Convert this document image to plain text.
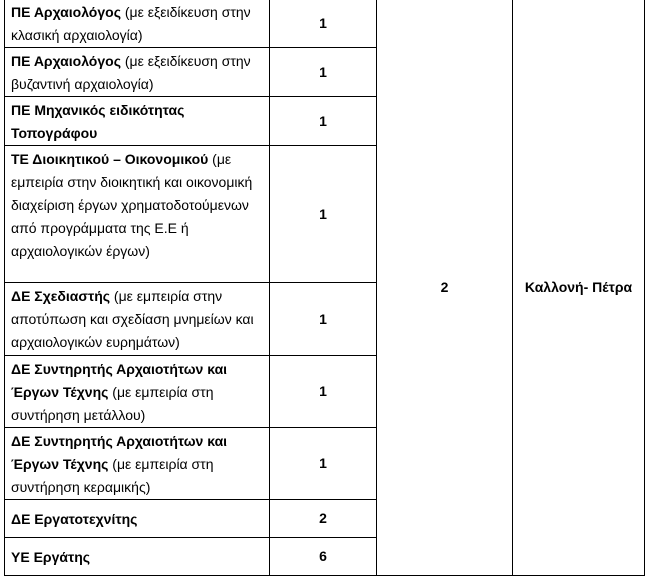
ΠΕ Αρχαιολόγος (με εξειδίκευση στην κλασική αρχαιολογία)	1	2	Καλλονή- Πέτρα
ΠΕ Αρχαιολόγος (με εξειδίκευση στην βυζαντινή αρχαιολογία)	1		
ΠΕ Μηχανικός ειδικότητας Τοπογράφου	1		
ΤΕ Διοικητικού – Οικονομικού (με εμπειρία στην διοικητική και οικονομική διαχείριση έργων χρηματοδοτούμενων από προγράμματα της Ε.Ε ή αρχαιολογικών έργων)	1		
ΔΕ Σχεδιαστής (με εμπειρία στην αποτύπωση και σχεδίαση μνημείων και αρχαιολογικών ευρημάτων)	1		
ΔΕ Συντηρητής Αρχαιοτήτων και Έργων Τέχνης (με εμπειρία στη συντήρηση μετάλλου)	1		
ΔΕ Συντηρητής Αρχαιοτήτων και Έργων Τέχνης (με εμπειρία στη συντήρηση κεραμικής)	1		
ΔΕ Εργατοτεχνίτης	2		
ΥΕ Εργάτης	6		
